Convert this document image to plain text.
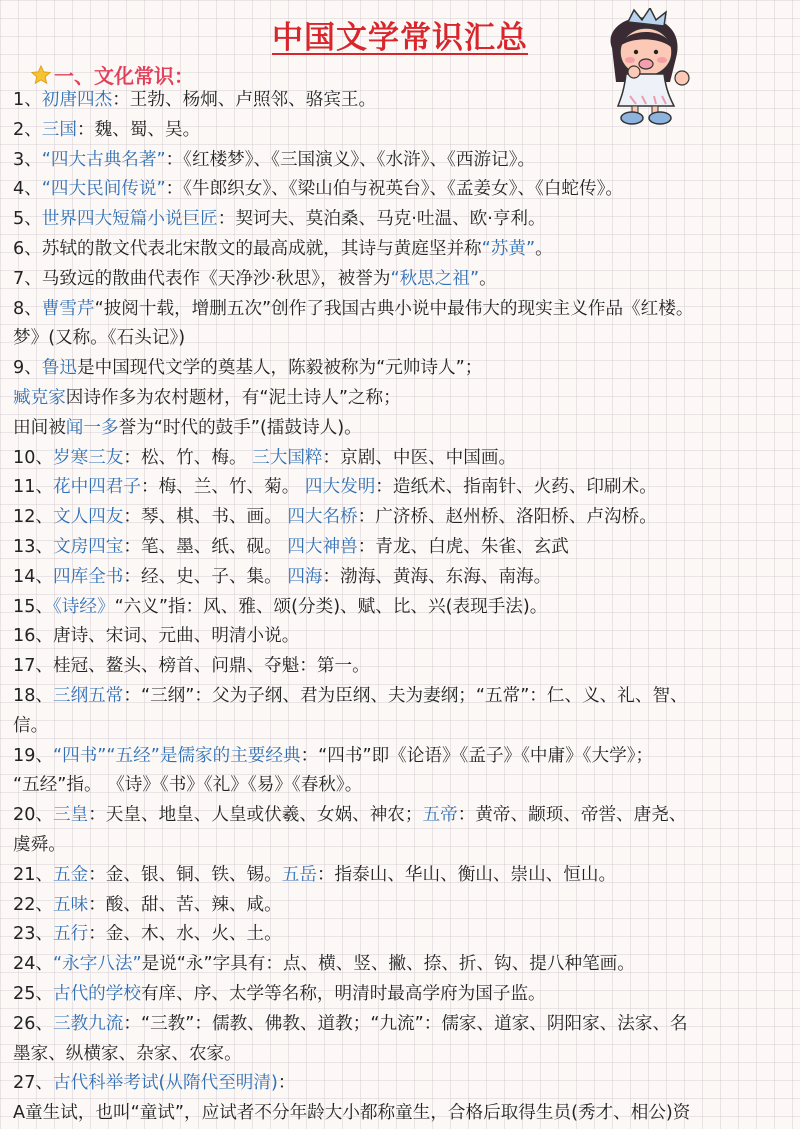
中国文学常识汇总
一、文化常识：
1、初唐四杰：王勃、杨炯、卢照邻、骆宾王。
2、三国：魏、蜀、吴。
3、“四大古典名著”：《红楼梦》、《三国演义》、《水浒》、《西游记》。
4、“四大民间传说”：《牛郎织女》、《梁山伯与祝英台》、《孟姜女》、《白蛇传》。
5、世界四大短篇小说巨匠：契诃夫、莫泊桑、马克·吐温、欧·亨利。
6、苏轼的散文代表北宋散文的最高成就，其诗与黄庭坚并称“苏黄”。
7、马致远的散曲代表作《天净沙·秋思》，被誉为“秋思之祖”。
8、曹雪芹“披阅十载，增删五次”创作了我国古典小说中最伟大的现实主义作品《红楼。
梦》(又称。《石头记》)
9、鲁迅是中国现代文学的奠基人，陈毅被称为“元帅诗人”；
臧克家因诗作多为农村题材，有“泥土诗人”之称；
田间被闻一多誉为“时代的鼓手”(擂鼓诗人)。
10、岁寒三友：松、竹、梅。 三大国粹：京剧、中医、中国画。
11、花中四君子：梅、兰、竹、菊。 四大发明：造纸术、指南针、火药、印刷术。
12、文人四友：琴、棋、书、画。 四大名桥：广济桥、赵州桥、洛阳桥、卢沟桥。
13、文房四宝：笔、墨、纸、砚。 四大神兽：青龙、白虎、朱雀、玄武
14、四库全书：经、史、子、集。 四海：渤海、黄海、东海、南海。
15、《诗经》“六义”指：风、雅、颂(分类)、赋、比、兴(表现手法)。
16、唐诗、宋词、元曲、明清小说。
17、桂冠、鳌头、榜首、问鼎、夺魁：第一。
18、三纲五常：“三纲”：父为子纲、君为臣纲、夫为妻纲；“五常”：仁、义、礼、智、
信。
19、“四书”“五经”是儒家的主要经典：“四书”即《论语》《孟子》《中庸》《大学》；
“五经”指。 《诗》《书》《礼》《易》《春秋》。
20、三皇：天皇、地皇、人皇或伏羲、女娲、神农；五帝：黄帝、颛顼、帝喾、唐尧、
虞舜。
21、五金：金、银、铜、铁、锡。五岳：指泰山、华山、衡山、崇山、恒山。
22、五味：酸、甜、苦、辣、咸。
23、五行：金、木、水、火、土。
24、“永字八法”是说“永”字具有：点、横、竖、撇、捺、折、钩、提八种笔画。
25、古代的学校有庠、序、太学等名称，明清时最高学府为国子监。
26、三教九流：“三教”：儒教、佛教、道教；“九流”：儒家、道家、阴阳家、法家、名
墨家、纵横家、杂家、农家。
27、古代科举考试(从隋代至明清)：
A童生试，也叫“童试”，应试者不分年龄大小都称童生，合格后取得生员(秀才、相公)资
